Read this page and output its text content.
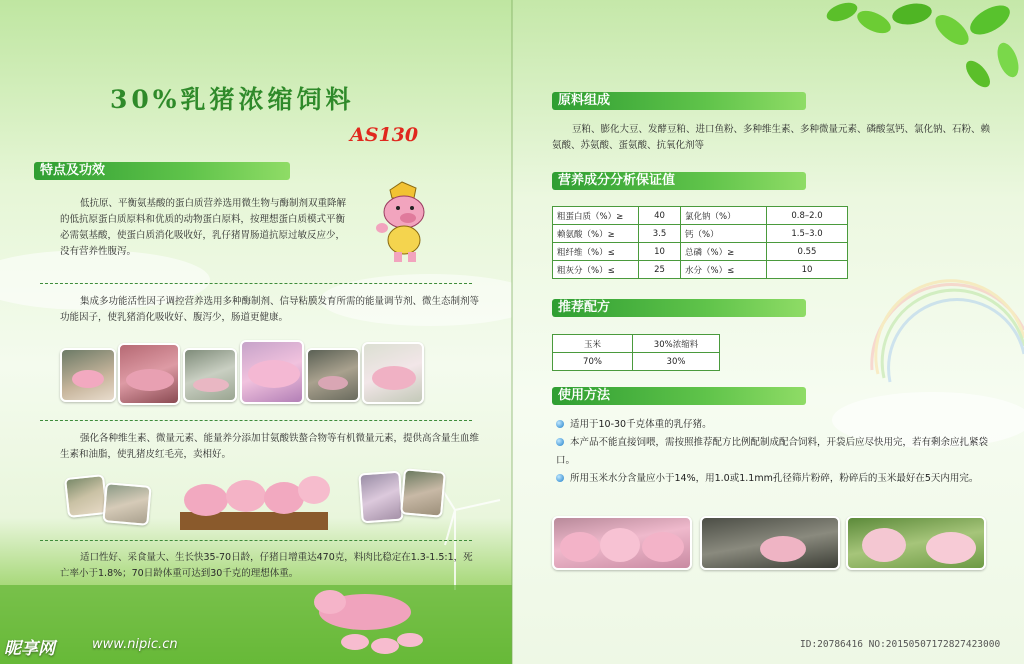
30%乳猪浓缩饲料
AS130
特点及功效
低抗原、平衡氨基酸的蛋白质营养选用微生物与酶制剂双重降解的低抗原蛋白质原料和优质的动物蛋白原料，按理想蛋白质模式平衡必需氨基酸，使蛋白质消化吸收好，乳仔猪胃肠道抗原过敏反应少，没有营养性腹泻。
集成多功能活性因子调控营养选用多种酶制剂、信导粘膜发育所需的能量调节剂、微生态制剂等功能因子，使乳猪消化吸收好、腹泻少，肠道更健康。
强化各种维生素、微量元素、能量养分添加甘氨酸铁螯合物等有机微量元素，提供高含量生血维生素和油脂，使乳猪皮红毛亮，卖相好。
适口性好、采食量大、生长快35-70日龄，仔猪日增重达470克，料肉比稳定在1.3-1.5:1，死亡率小于1.8%；70日龄体重可达到30千克的理想体重。
昵享网	www.nipic.cn
原料组成
豆粕、膨化大豆、发酵豆粕、进口鱼粉、多种维生素、多种微量元素、磷酸氢钙、氯化钠、石粉、赖氨酸、苏氨酸、蛋氨酸、抗氧化剂等
营养成分分析保证值
粗蛋白质（%）≥	40	氯化钠（%）	0.8–2.0
赖氨酸（%）≥	3.5	钙（%）	1.5–3.0
粗纤维（%）≤	10	总磷（%）≥	0.55
粗灰分（%）≤	25	水分（%）≤	10
推荐配方
玉米	30%浓缩料
70%	30%
使用方法
适用于10-30千克体重的乳仔猪。
本产品不能直接饲喂，需按照推荐配方比例配制成配合饲料，开袋后应尽快用完，若有剩余应扎紧袋口。
所用玉米水分含量应小于14%，用1.0或1.1mm孔径筛片粉碎，粉碎后的玉米最好在5天内用完。
ID:20786416 NO:20150507172827423000
